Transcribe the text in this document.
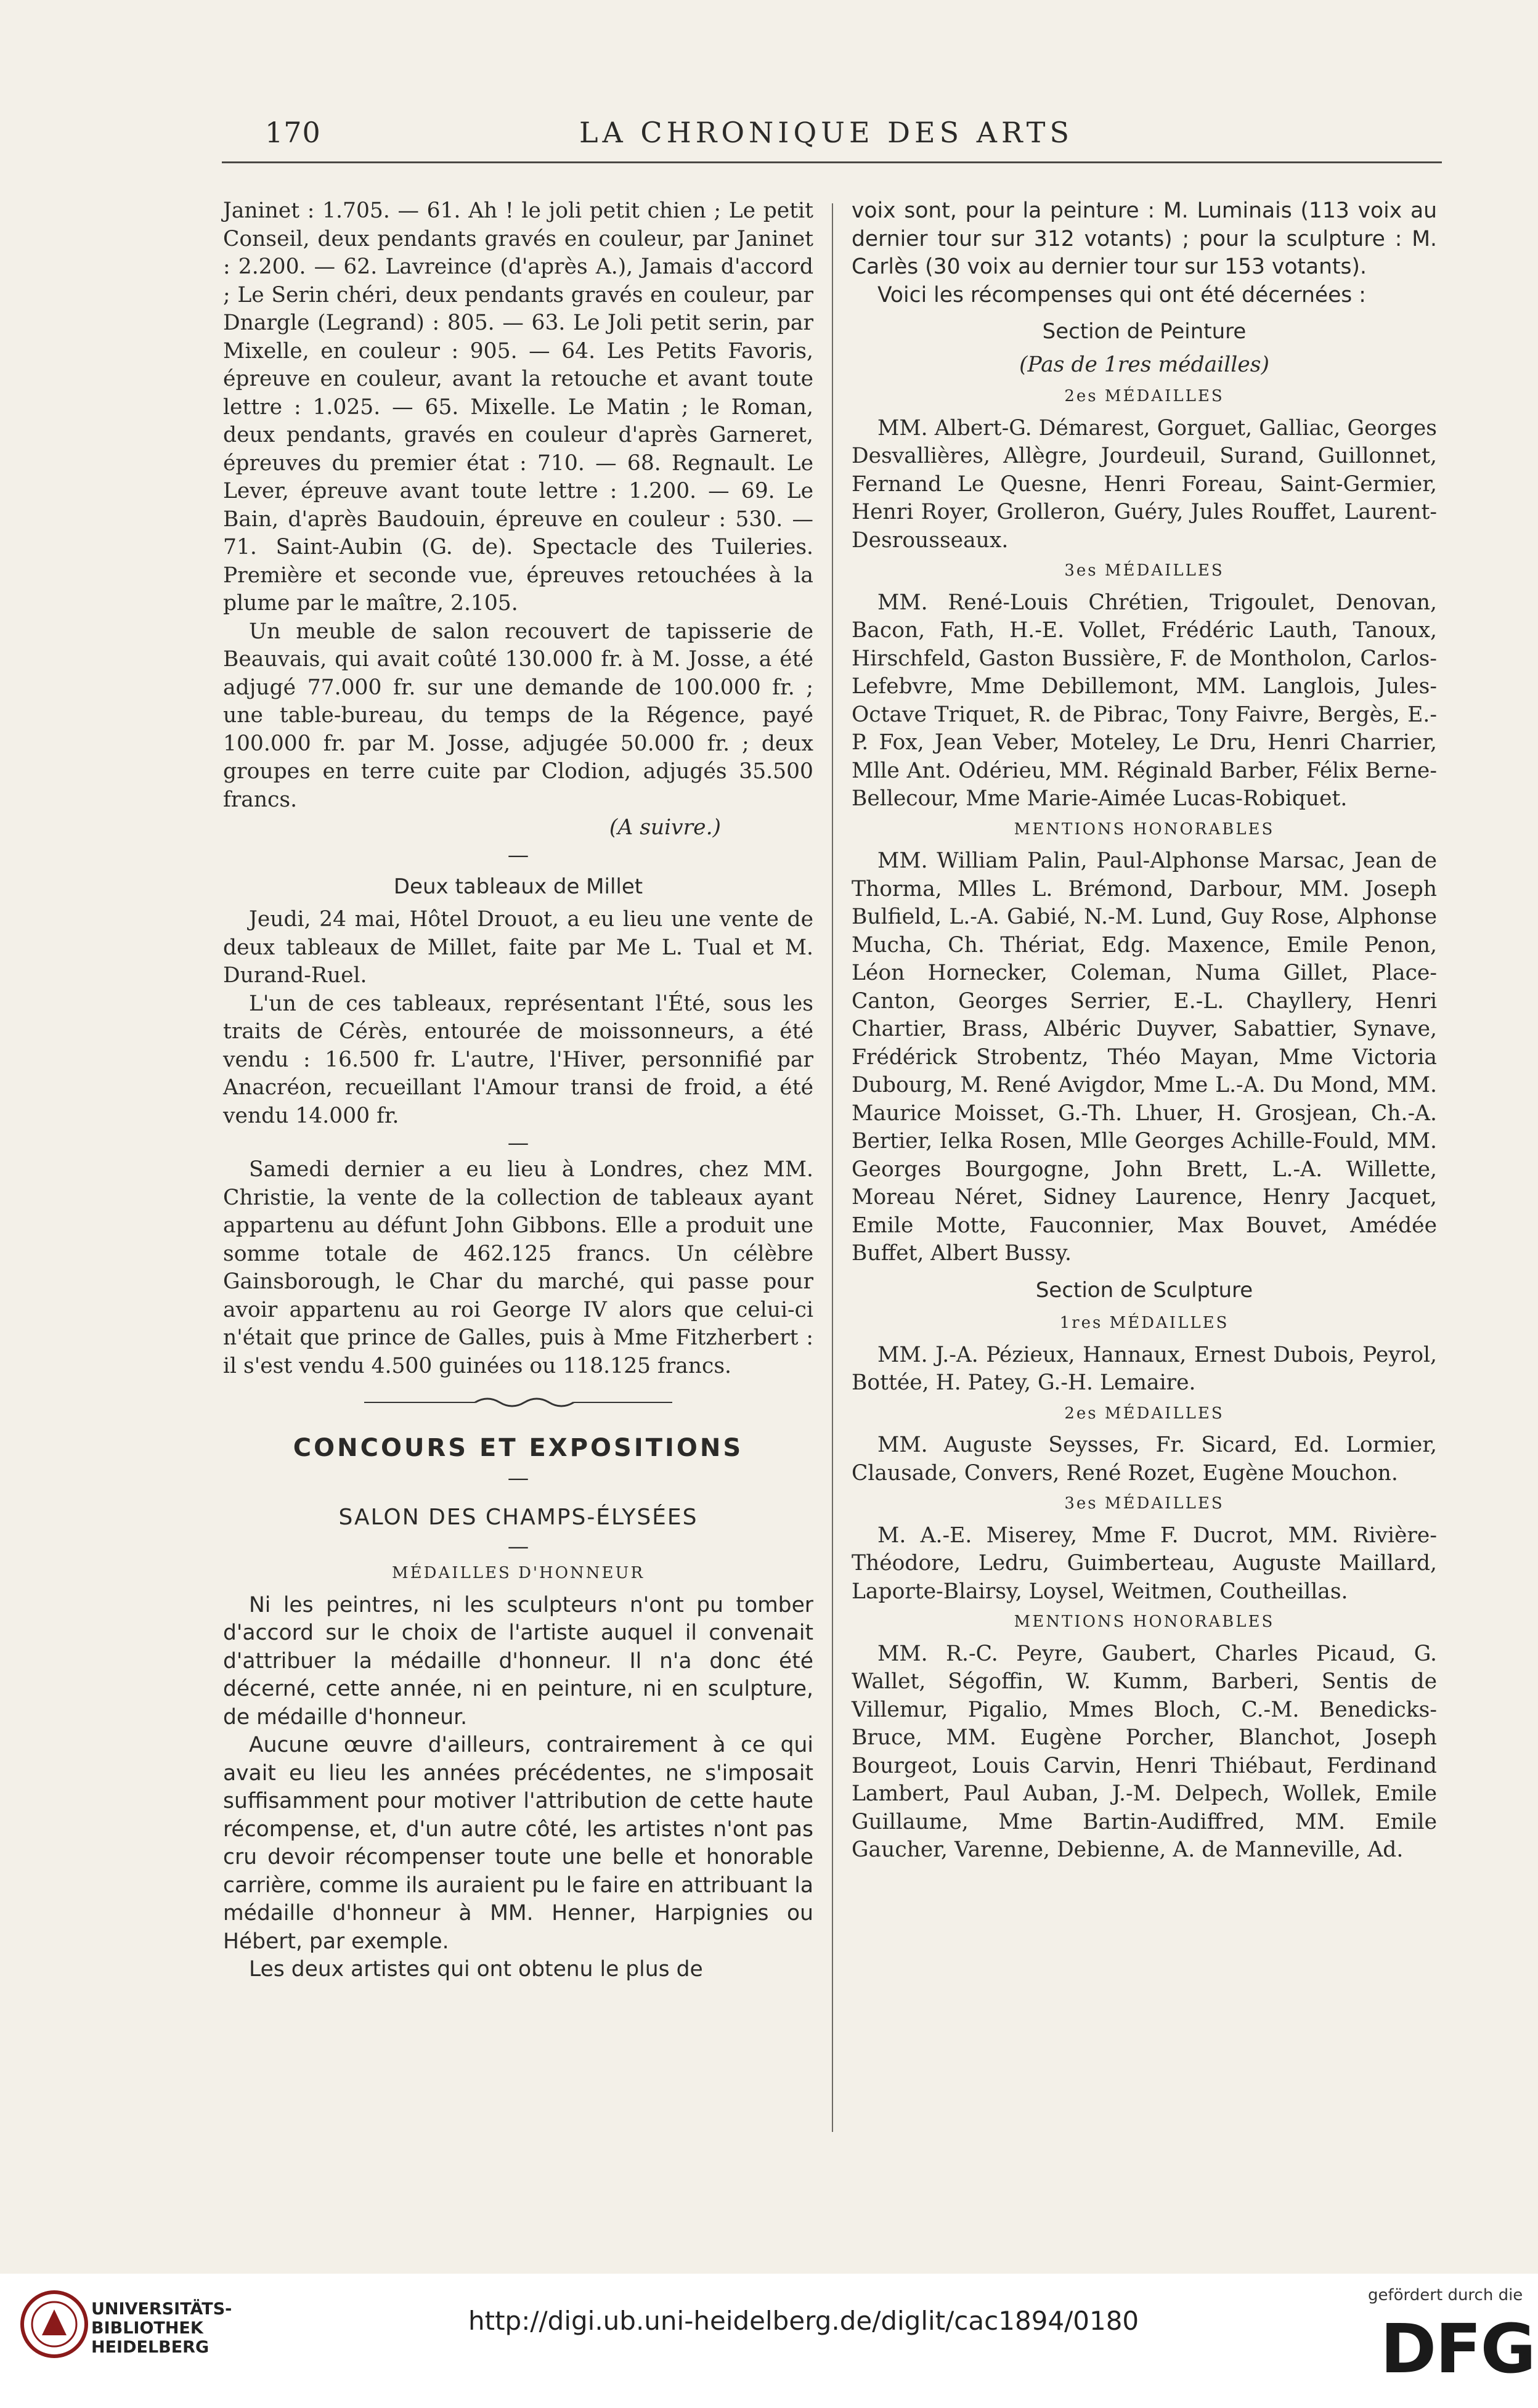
170	LA CHRONIQUE DES ARTS

Janinet : 1.705. — 61. Ah ! le joli petit chien ; Le petit Conseil, deux pendants gravés en couleur, par Janinet : 2.200. — 62. Lavreince (d'après A.), Jamais d'accord ; Le Serin chéri, deux pendants gravés en couleur, par Dnargle (Legrand) : 805. — 63. Le Joli petit serin, par Mixelle, en couleur : 905. — 64. Les Petits Favoris, épreuve en couleur, avant la retouche et avant toute lettre : 1.025. — 65. Mixelle. Le Matin ; le Roman, deux pendants, gravés en couleur d'après Garneret, épreuves du premier état : 710. — 68. Regnault. Le Lever, épreuve avant toute lettre : 1.200. — 69. Le Bain, d'après Baudouin, épreuve en couleur : 530. — 71. Saint-Aubin (G. de). Spectacle des Tuileries. Première et seconde vue, épreuves retouchées à la plume par le maître, 2.105.

Un meuble de salon recouvert de tapisserie de Beauvais, qui avait coûté 130.000 fr. à M. Josse, a été adjugé 77.000 fr. sur une demande de 100.000 fr. ; une table-bureau, du temps de la Régence, payé 100.000 fr. par M. Josse, adjugée 50.000 fr. ; deux groupes en terre cuite par Clodion, adjugés 35.500 francs.

(A suivre.)

—
Deux tableaux de Millet

Jeudi, 24 mai, Hôtel Drouot, a eu lieu une vente de deux tableaux de Millet, faite par Me L. Tual et M. Durand-Ruel.

L'un de ces tableaux, représentant l'Été, sous les traits de Cérès, entourée de moissonneurs, a été vendu : 16.500 fr. L'autre, l'Hiver, personnifié par Anacréon, recueillant l'Amour transi de froid, a été vendu 14.000 fr.

—

Samedi dernier a eu lieu à Londres, chez MM. Christie, la vente de la collection de tableaux ayant appartenu au défunt John Gibbons. Elle a produit une somme totale de 462.125 francs. Un célèbre Gainsborough, le Char du marché, qui passe pour avoir appartenu au roi George IV alors que celui-ci n'était que prince de Galles, puis à Mme Fitzherbert : il s'est vendu 4.500 guinées ou 118.125 francs.

CONCOURS ET EXPOSITIONS
—
SALON DES CHAMPS-ÉLYSÉES
—
MÉDAILLES D'HONNEUR

Ni les peintres, ni les sculpteurs n'ont pu tomber d'accord sur le choix de l'artiste auquel il convenait d'attribuer la médaille d'honneur. Il n'a donc été décerné, cette année, ni en peinture, ni en sculpture, de médaille d'honneur.

Aucune œuvre d'ailleurs, contrairement à ce qui avait eu lieu les années précédentes, ne s'imposait suffisamment pour motiver l'attribution de cette haute récompense, et, d'un autre côté, les artistes n'ont pas cru devoir récompenser toute une belle et honorable carrière, comme ils auraient pu le faire en attribuant la médaille d'honneur à MM. Henner, Harpignies ou Hébert, par exemple.

Les deux artistes qui ont obtenu le plus de

voix sont, pour la peinture : M. Luminais (113 voix au dernier tour sur 312 votants) ; pour la sculpture : M. Carlès (30 voix au dernier tour sur 153 votants).

Voici les récompenses qui ont été décernées :

Section de Peinture
(Pas de 1res médailles)
2es MÉDAILLES

MM. Albert-G. Démarest, Gorguet, Galliac, Georges Desvallières, Allègre, Jourdeuil, Surand, Guillonnet, Fernand Le Quesne, Henri Foreau, Saint-Germier, Henri Royer, Grolleron, Guéry, Jules Rouffet, Laurent-Desrousseaux.

3es MÉDAILLES

MM. René-Louis Chrétien, Trigoulet, Denovan, Bacon, Fath, H.-E. Vollet, Frédéric Lauth, Tanoux, Hirschfeld, Gaston Bussière, F. de Montholon, Carlos-Lefebvre, Mme Debillemont, MM. Langlois, Jules-Octave Triquet, R. de Pibrac, Tony Faivre, Bergès, E.-P. Fox, Jean Veber, Moteley, Le Dru, Henri Charrier, Mlle Ant. Odérieu, MM. Réginald Barber, Félix Berne-Bellecour, Mme Marie-Aimée Lucas-Robiquet.

MENTIONS HONORABLES

MM. William Palin, Paul-Alphonse Marsac, Jean de Thorma, Mlles L. Brémond, Darbour, MM. Joseph Bulfield, L.-A. Gabié, N.-M. Lund, Guy Rose, Alphonse Mucha, Ch. Thériat, Edg. Maxence, Emile Penon, Léon Hornecker, Coleman, Numa Gillet, Place-Canton, Georges Serrier, E.-L. Chayllery, Henri Chartier, Brass, Albéric Duyver, Sabattier, Synave, Frédérick Strobentz, Théo Mayan, Mme Victoria Dubourg, M. René Avigdor, Mme L.-A. Du Mond, MM. Maurice Moisset, G.-Th. Lhuer, H. Grosjean, Ch.-A. Bertier, Ielka Rosen, Mlle Georges Achille-Fould, MM. Georges Bourgogne, John Brett, L.-A. Willette, Moreau Néret, Sidney Laurence, Henry Jacquet, Emile Motte, Fauconnier, Max Bouvet, Amédée Buffet, Albert Bussy.

Section de Sculpture
1res MÉDAILLES

MM. J.-A. Pézieux, Hannaux, Ernest Dubois, Peyrol, Bottée, H. Patey, G.-H. Lemaire.

2es MÉDAILLES

MM. Auguste Seysses, Fr. Sicard, Ed. Lormier, Clausade, Convers, René Rozet, Eugène Mouchon.

3es MÉDAILLES

M. A.-E. Miserey, Mme F. Ducrot, MM. Rivière-Théodore, Ledru, Guimberteau, Auguste Maillard, Laporte-Blairsy, Loysel, Weitmen, Coutheillas.

MENTIONS HONORABLES

MM. R.-C. Peyre, Gaubert, Charles Picaud, G. Wallet, Ségoffin, W. Kumm, Barberi, Sentis de Villemur, Pigalio, Mmes Bloch, C.-M. Benedicks-Bruce, MM. Eugène Porcher, Blanchot, Joseph Bourgeot, Louis Carvin, Henri Thiébaut, Ferdinand Lambert, Paul Auban, J.-M. Delpech, Wollek, Emile Guillaume, Mme Bartin-Audiffred, MM. Emile Gaucher, Varenne, Debienne, A. de Manneville, Ad.

UNIVERSITÄTS-
BIBLIOTHEK
HEIDELBERG
http://digi.ub.uni-heidelberg.de/diglit/cac1894/0180
gefördert durch die
DFG
